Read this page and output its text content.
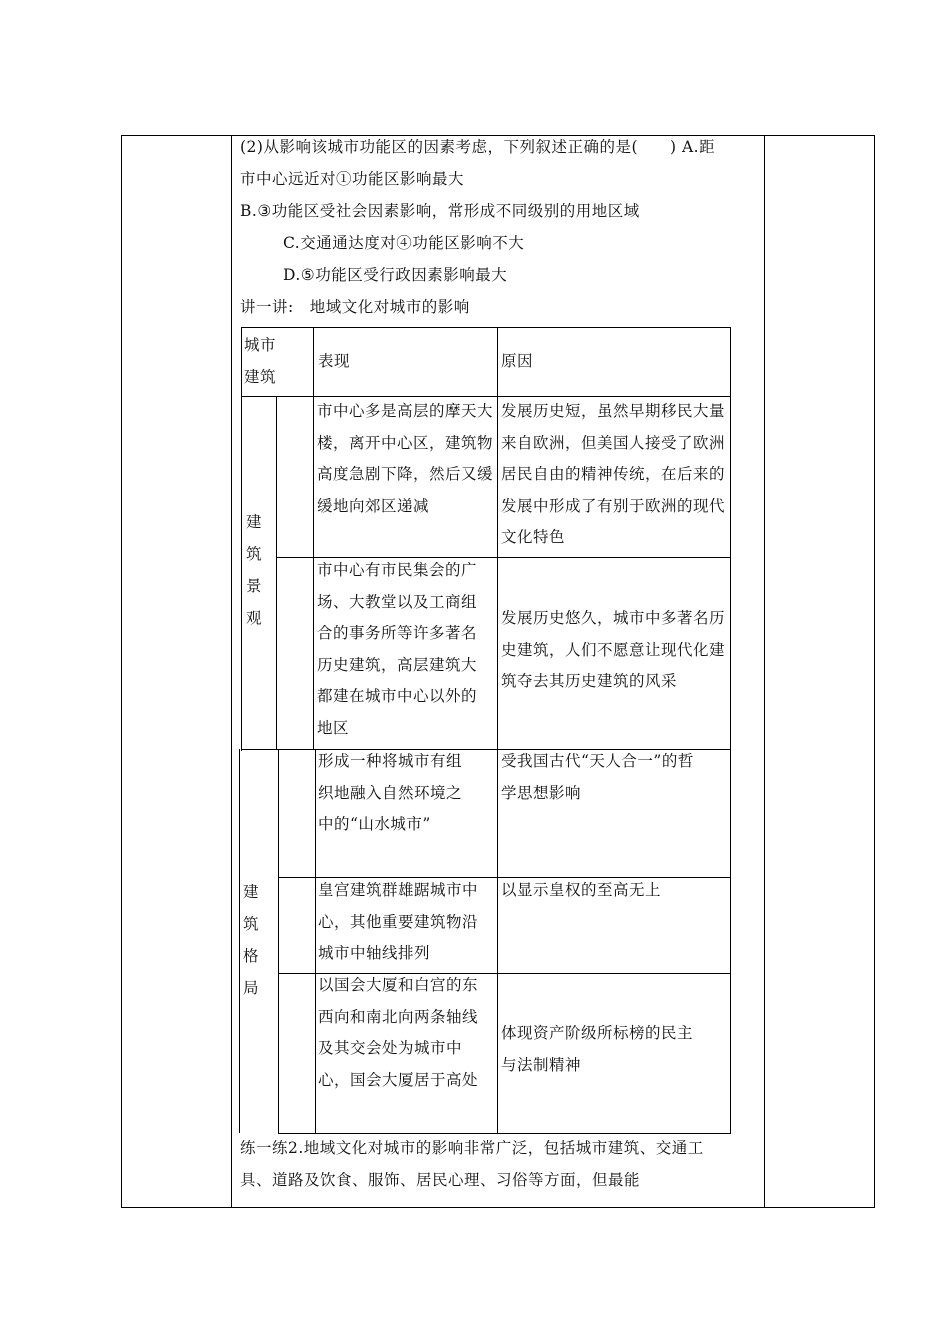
(2)从影响该城市功能区的因素考虑，下列叙述正确的是(　　) A.距
市中心远近对①功能区影响最大
B.③功能区受社会因素影响，常形成不同级别的用地区域
C.交通通达度对④功能区影响不大
D.⑤功能区受行政因素影响最大
讲一讲:　地域文化对城市的影响
城市建筑
表现	原因
建筑景观
建筑格局
市中心多是高层的摩天大楼，离开中心区，建筑物高度急剧下降，然后又缓缓地向郊区递减
发展历史短，虽然早期移民大量来自欧洲，但美国人接受了欧洲居民自由的精神传统，在后来的发展中形成了有别于欧洲的现代文化特色
市中心有市民集会的广场、大教堂以及工商组合的事务所等许多著名历史建筑，高层建筑大都建在城市中心以外的地区
发展历史悠久，城市中多著名历史建筑，人们不愿意让现代化建筑夺去其历史建筑的风采
形成一种将城市有组织地融入自然环境之中的“山水城市”
受我国古代“天人合一”的哲学思想影响
皇宫建筑群雄踞城市中心，其他重要建筑物沿城市中轴线排列
以显示皇权的至高无上
以国会大厦和白宫的东西向和南北向两条轴线及其交会处为城市中心，国会大厦居于高处
体现资产阶级所标榜的民主与法制精神
练一练2.地域文化对城市的影响非常广泛，包括城市建筑、交通工
具、道路及饮食、服饰、居民心理、习俗等方面，但最能
